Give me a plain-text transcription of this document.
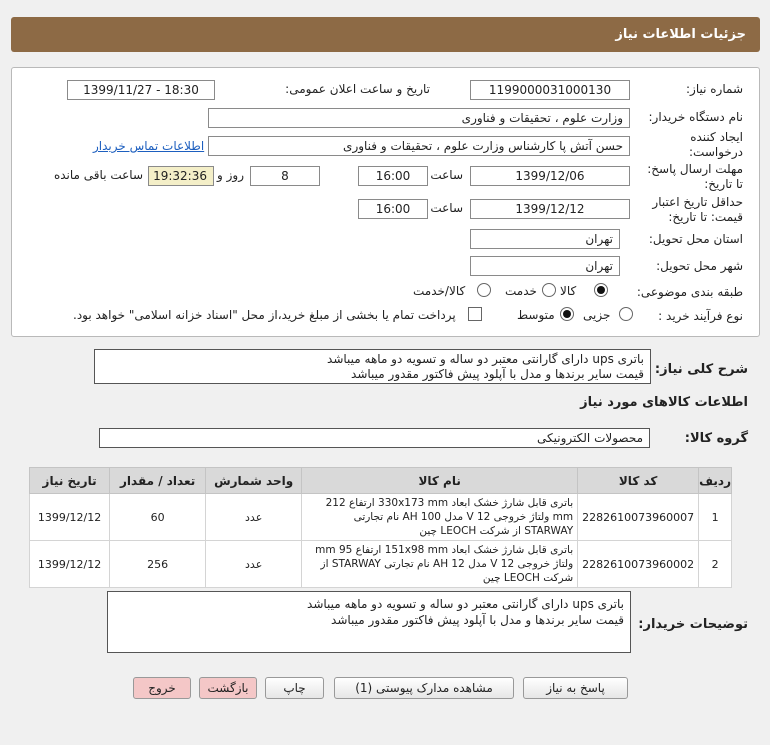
جزئیات اطلاعات نیاز
شماره نیاز:
1199000031000130
تاریخ و ساعت اعلان عمومی:
1399/11/27 - 18:30
نام دستگاه خریدار:
وزارت علوم ، تحقیقات و فناوری
ایجاد کننده
درخواست:
حسن آتش پا کارشناس وزارت علوم ، تحقیقات و فناوری
اطلاعات تماس خریدار
مهلت ارسال پاسخ:
تا تاریخ:
1399/12/06
ساعت
16:00
8
روز و
19:32:36
ساعت باقی مانده
حداقل تاریخ اعتبار
قیمت: تا تاریخ:
1399/12/12
ساعت
16:00
استان محل تحویل:
تهران
شهر محل تحویل:
تهران
طبقه بندی موضوعی:
کالا
خدمت
کالا/خدمت
نوع فرآیند خرید :
جزیی
متوسط
پرداخت تمام یا بخشی از مبلغ خرید،از محل "اسناد خزانه اسلامی" خواهد بود.
شرح کلی نیاز:
باتری ups دارای گارانتی معتبر دو ساله و تسویه دو ماهه میباشد
قیمت سایر برندها و مدل با آپلود پیش فاکتور مقدور میباشد
اطلاعات کالاهای مورد نیاز
گروه کالا:
محصولات الکترونیکی
ردیف	کد کالا	نام کالا	واحد شمارش	تعداد / مقدار	تاریخ نیاز
1	2282610073960007	باتری قابل شارژ خشک ابعاد 330x173 mm ارتفاع 212 mm ولتاژ خروجی 12 V مدل AH 100 نام تجارتی STARWAY از شرکت LEOCH چین	عدد	60	1399/12/12
2	2282610073960002	باتری قابل شارژ خشک ابعاد 151x98 mm ارتفاع 95 mm ولتاژ خروجی 12 V مدل AH 12 نام تجارتی STARWAY از شرکت LEOCH چین	عدد	256	1399/12/12
توضیحات خریدار:
باتری ups دارای گارانتی معتبر دو ساله و تسویه دو ماهه میباشد
قیمت سایر برندها و مدل با آپلود پیش فاکتور مقدور میباشد
پاسخ به نیاز
مشاهده مدارک پیوستی (1)
چاپ
بازگشت
خروج
